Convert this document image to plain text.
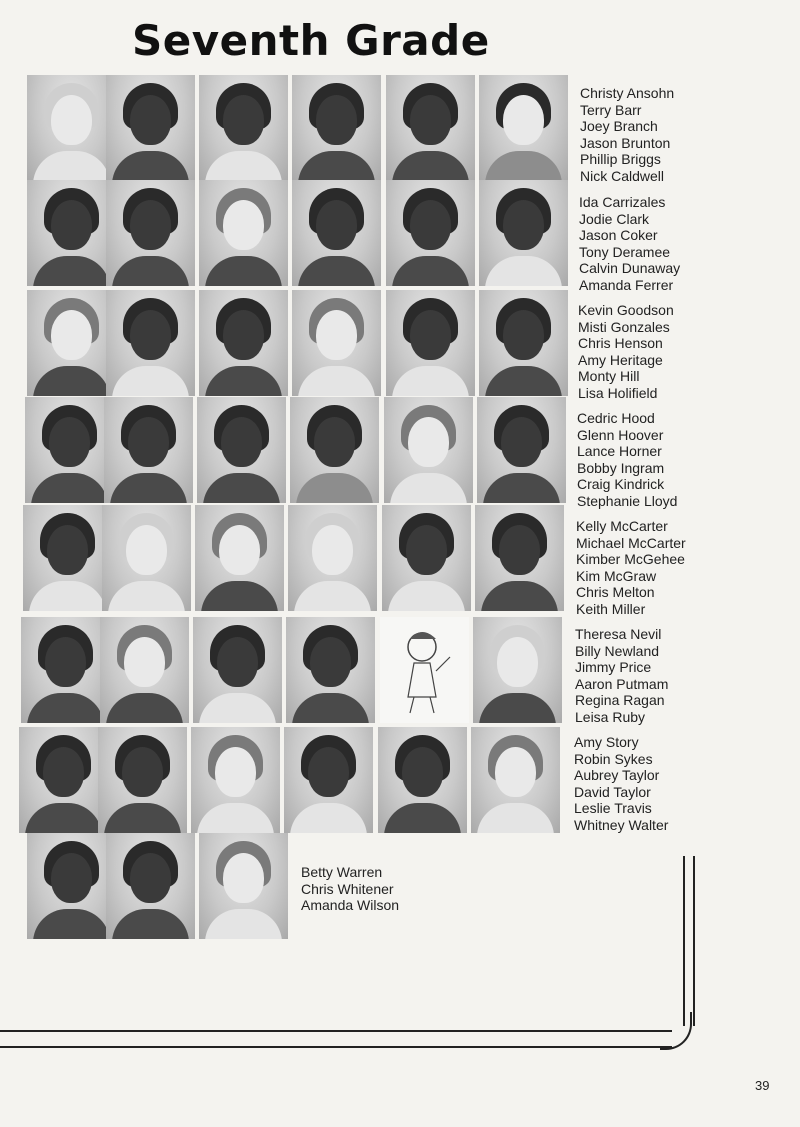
Seventh Grade
Christy Ansohn
Terry Barr
Joey Branch
Jason Brunton
Phillip Briggs
Nick Caldwell
Ida Carrizales
Jodie Clark
Jason Coker
Tony Deramee
Calvin Dunaway
Amanda Ferrer
Kevin Goodson
Misti Gonzales
Chris Henson
Amy Heritage
Monty Hill
Lisa Holifield
Cedric Hood
Glenn Hoover
Lance Horner
Bobby Ingram
Craig Kindrick
Stephanie Lloyd
Kelly McCarter
Michael McCarter
Kimber McGehee
Kim McGraw
Chris Melton
Keith Miller
Theresa Nevil
Billy Newland
Jimmy Price
Aaron Putmam
Regina Ragan
Leisa Ruby
Amy Story
Robin Sykes
Aubrey Taylor
David Taylor
Leslie Travis
Whitney Walter
Betty Warren
Chris Whitener
Amanda Wilson
39
